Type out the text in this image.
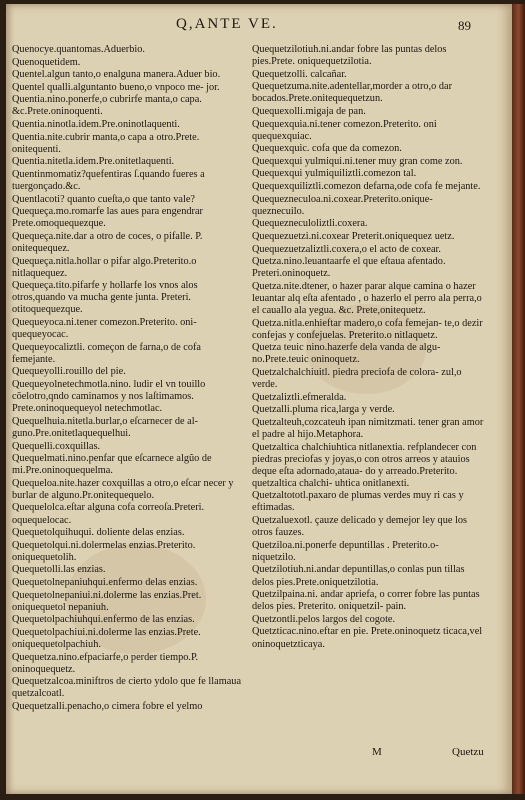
Q,ANTE VE.	89
Quenocye.quantomas.Aduerbio.
Quenoquetidem.
Quentel.algun tanto,o enalguna manera.Aduer bio.
Quentel qualli.alguntanto bueno,o vnpoco me- jor.
Quentia.nino.ponerfe,o cubrirfe manta,o capa. &c.Prete.oninoquenti.
Quentia.ninotla.idem.Pre.oninotlaquenti.
Quentia.nite.cubrir manta,o capa a otro.Prete. onitequenti.
Quentia.nitetla.idem.Pre.onitetlaquenti.
Quentinmomatiz?quefentiras ſ.quando fueres a tuergonçado.&c.
Quentlacoti? quanto cueſta,o que tanto vale?
Quequeça.mo.romarfe las aues para engendrar Prete.omoquequezque.
Quequeça.nite.dar a otro de coces, o pifalle. P. onitequequez.
Quequeça.nitla.hollar o pifar algo.Preterito.o nitlaquequez.
Quequeça.tito.pifarfe y hollarfe los vnos alos otros,quando va mucha gente junta. Preteri. otitoquequezque.
Quequeyoca.ni.tener comezon.Preterito. oni- quequeyocac.
Quequeyocaliztli. começon de farna,o de cofa femejante.
Quequeyolli.rouillo del pie.
Quequeyolnetechmotla.nino. ludir el vn touillo cõelotro,qndo caminamos y nos laſtimamos. Prete.oninoquequeyol netechmotlac.
Quequelhuia.nitetla.burlar,o eſcarnecer de al- guno.Pre.onitetlaquequelhui.
Quequelli.coxquillas.
Quequelmati.nino.penfar que eſcarnece algũo de mi.Pre.oninoquequelma.
Quequeloa.nite.hazer coxquillas a otro,o eſcar necer y burlar de alguno.Pr.onitequequelo.
Quequelolca.eſtar alguna cofa correoſa.Preteri. oquequelocac.
Quequetolquihuqui. doliente delas enzias.
Quequetolqui.ni.dolermelas enzias.Preterito. oniquequetolih.
Quequetolli.las enzias.
Quequetolnepaniuhqui.enfermo delas enzias.
Quequetolnepaniui.ni.dolerme las enzias.Pret. oniquequetol nepaniuh.
Quequetolpachiuhqui.enfermo de las enzias.
Quequetolpachiui.ni.dolerme las enzias.Prete. oniquequetolpachiuh.
Quequetza.nino.efpaciarfe,o perder tiempo.P. oninoquequetz.
Quequetzalcoa.miniftros de cierto ydolo que fe llamaua quetzalcoatl.
Quequetzalli.penacho,o cimera fobre el yelmo
Quequetzilotiuh.ni.andar fobre las puntas delos pies.Prete. oniquequetzilotia.
Quequetzolli. calcañar.
Quequetzuma.nite.adentellar,morder a otro,o dar bocados.Prete.onitequequetzun.
Quequexolli.migaja de pan.
Quequexquia.ni.tener comezon.Preterito. oni quequexquiac.
Quequexquic. cofa que da comezon.
Quequexqui yulmiqui.ni.tener muy gran come zon.
Quequexqui yulmiquiliztli.comezon tal.
Quequexquiliztli.comezon defarna,ode cofa fe mejante.
Quequezneculoa.ni.coxear.Preterito.onique- queznecuilo.
Quequezneculoliztli.coxera.
Quequezuetzi.ni.coxear Preterit.oniquequez uetz.
Quequezuetzaliztli.coxera,o el acto de coxear.
Quetza.nino.leuantaarfe el que eſtaua afentado. Preteri.oninoquetz.
Quetza.nite.dtener, o hazer parar alque camina o hazer leuantar alq eſta afentado , o hazerlo el perro ala perra,o el cauallo ala yegua. &c. Prete,onitequetz.
Quetza.nitla.enhieftar madero,o cofa femejan- te,o dezir confejas y confejuelas. Preterito.o nitlaquetz.
Quetza teuic nino.hazerfe dela vanda de algu- no.Prete.teuic oninoquetz.
Quetzalchalchiuitl. piedra preciofa de colora- zul,o verde.
Quetzaliztli.efmeralda.
Quetzalli.pluma rica,larga y verde.
Quetzalteuh,cozcateuh ipan nimitzmati. tener gran amor el padre al hijo.Metaphora.
Quetzaltica chalchiuhtica nitlanextia. refplandecer con piedras preciofas y joyas,o con otros arreos y atauios deque eſta adornado,ataua- do y arreado.Preterito. quetzaltica chalchi- uhtica onitlanexti.
Quetzaltototl.paxaro de plumas verdes muy ri cas y eftimadas.
Quetzaluexotl. çauze delicado y demejor ley que los otros fauzes.
Quetziloa.ni.ponerfe depuntillas . Preterito.o- niquetzilo.
Quetzilotiuh.ni.andar depuntillas,o conlas pun tillas delos pies.Prete.oniquetzilotia.
Quetzilpaina.ni. andar apriefa, o correr fobre las puntas delos pies. Preterito. oniquetzil- pain.
Quetzontli.pelos largos del cogote.
Quetzticac.nino.eftar en pie. Prete.oninoquetz ticaca,vel oninoquetzticaya.
M	Quetzu
